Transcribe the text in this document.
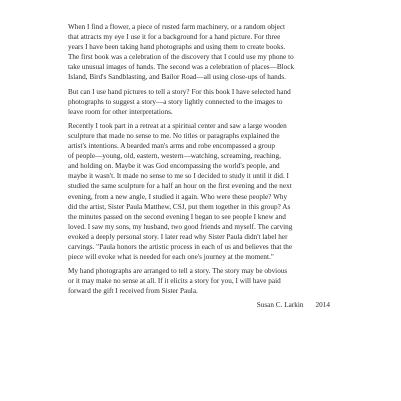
When I find a flower, a piece of rusted farm machinery, or a random object
that attracts my eye I use it for a background for a hand picture. For three
years I have been taking hand photographs and using them to create books.
The first book was a celebration of the discovery that I could use my phone to
take unusual images of hands. The second was a celebration of places—Block
Island, Bird's Sandblasting, and Bailor Road—all using close-ups of hands.

But can I use hand pictures to tell a story? For this book I have selected hand
photographs to suggest a story—a story lightly connected to the images to
leave room for other interpretations.

Recently I took part in a retreat at a spiritual center and saw a large wooden
sculpture that made no sense to me. No titles or paragraphs explained the
artist's intentions. A bearded man's arms and robe encompassed a group
of people—young, old, eastern, western—watching, screaming, reaching,
and holding on. Maybe it was God encompassing the world's people, and
maybe it wasn't. It made no sense to me so I decided to study it until it did. I
studied the same sculpture for a half an hour on the first evening and the next
evening, from a new angle, I studied it again. Who were these people? Why
did the artist, Sister Paula Matthew, CSJ, put them together in this group? As
the minutes passed on the second evening I began to see people I knew and
loved. I saw my sons, my husband, two good friends and myself. The carving
evoked a deeply personal story. I later read why Sister Paula didn't label her
carvings. "Paula honors the artistic process in each of us and believes that the
piece will evoke what is needed for each one's journey at the moment."

My hand photographs are arranged to tell a story. The story may be obvious
or it may make no sense at all. If it elicits a story for you, I will have paid
forward the gift I received from Sister Paula.

Susan C. Larkin 2014
